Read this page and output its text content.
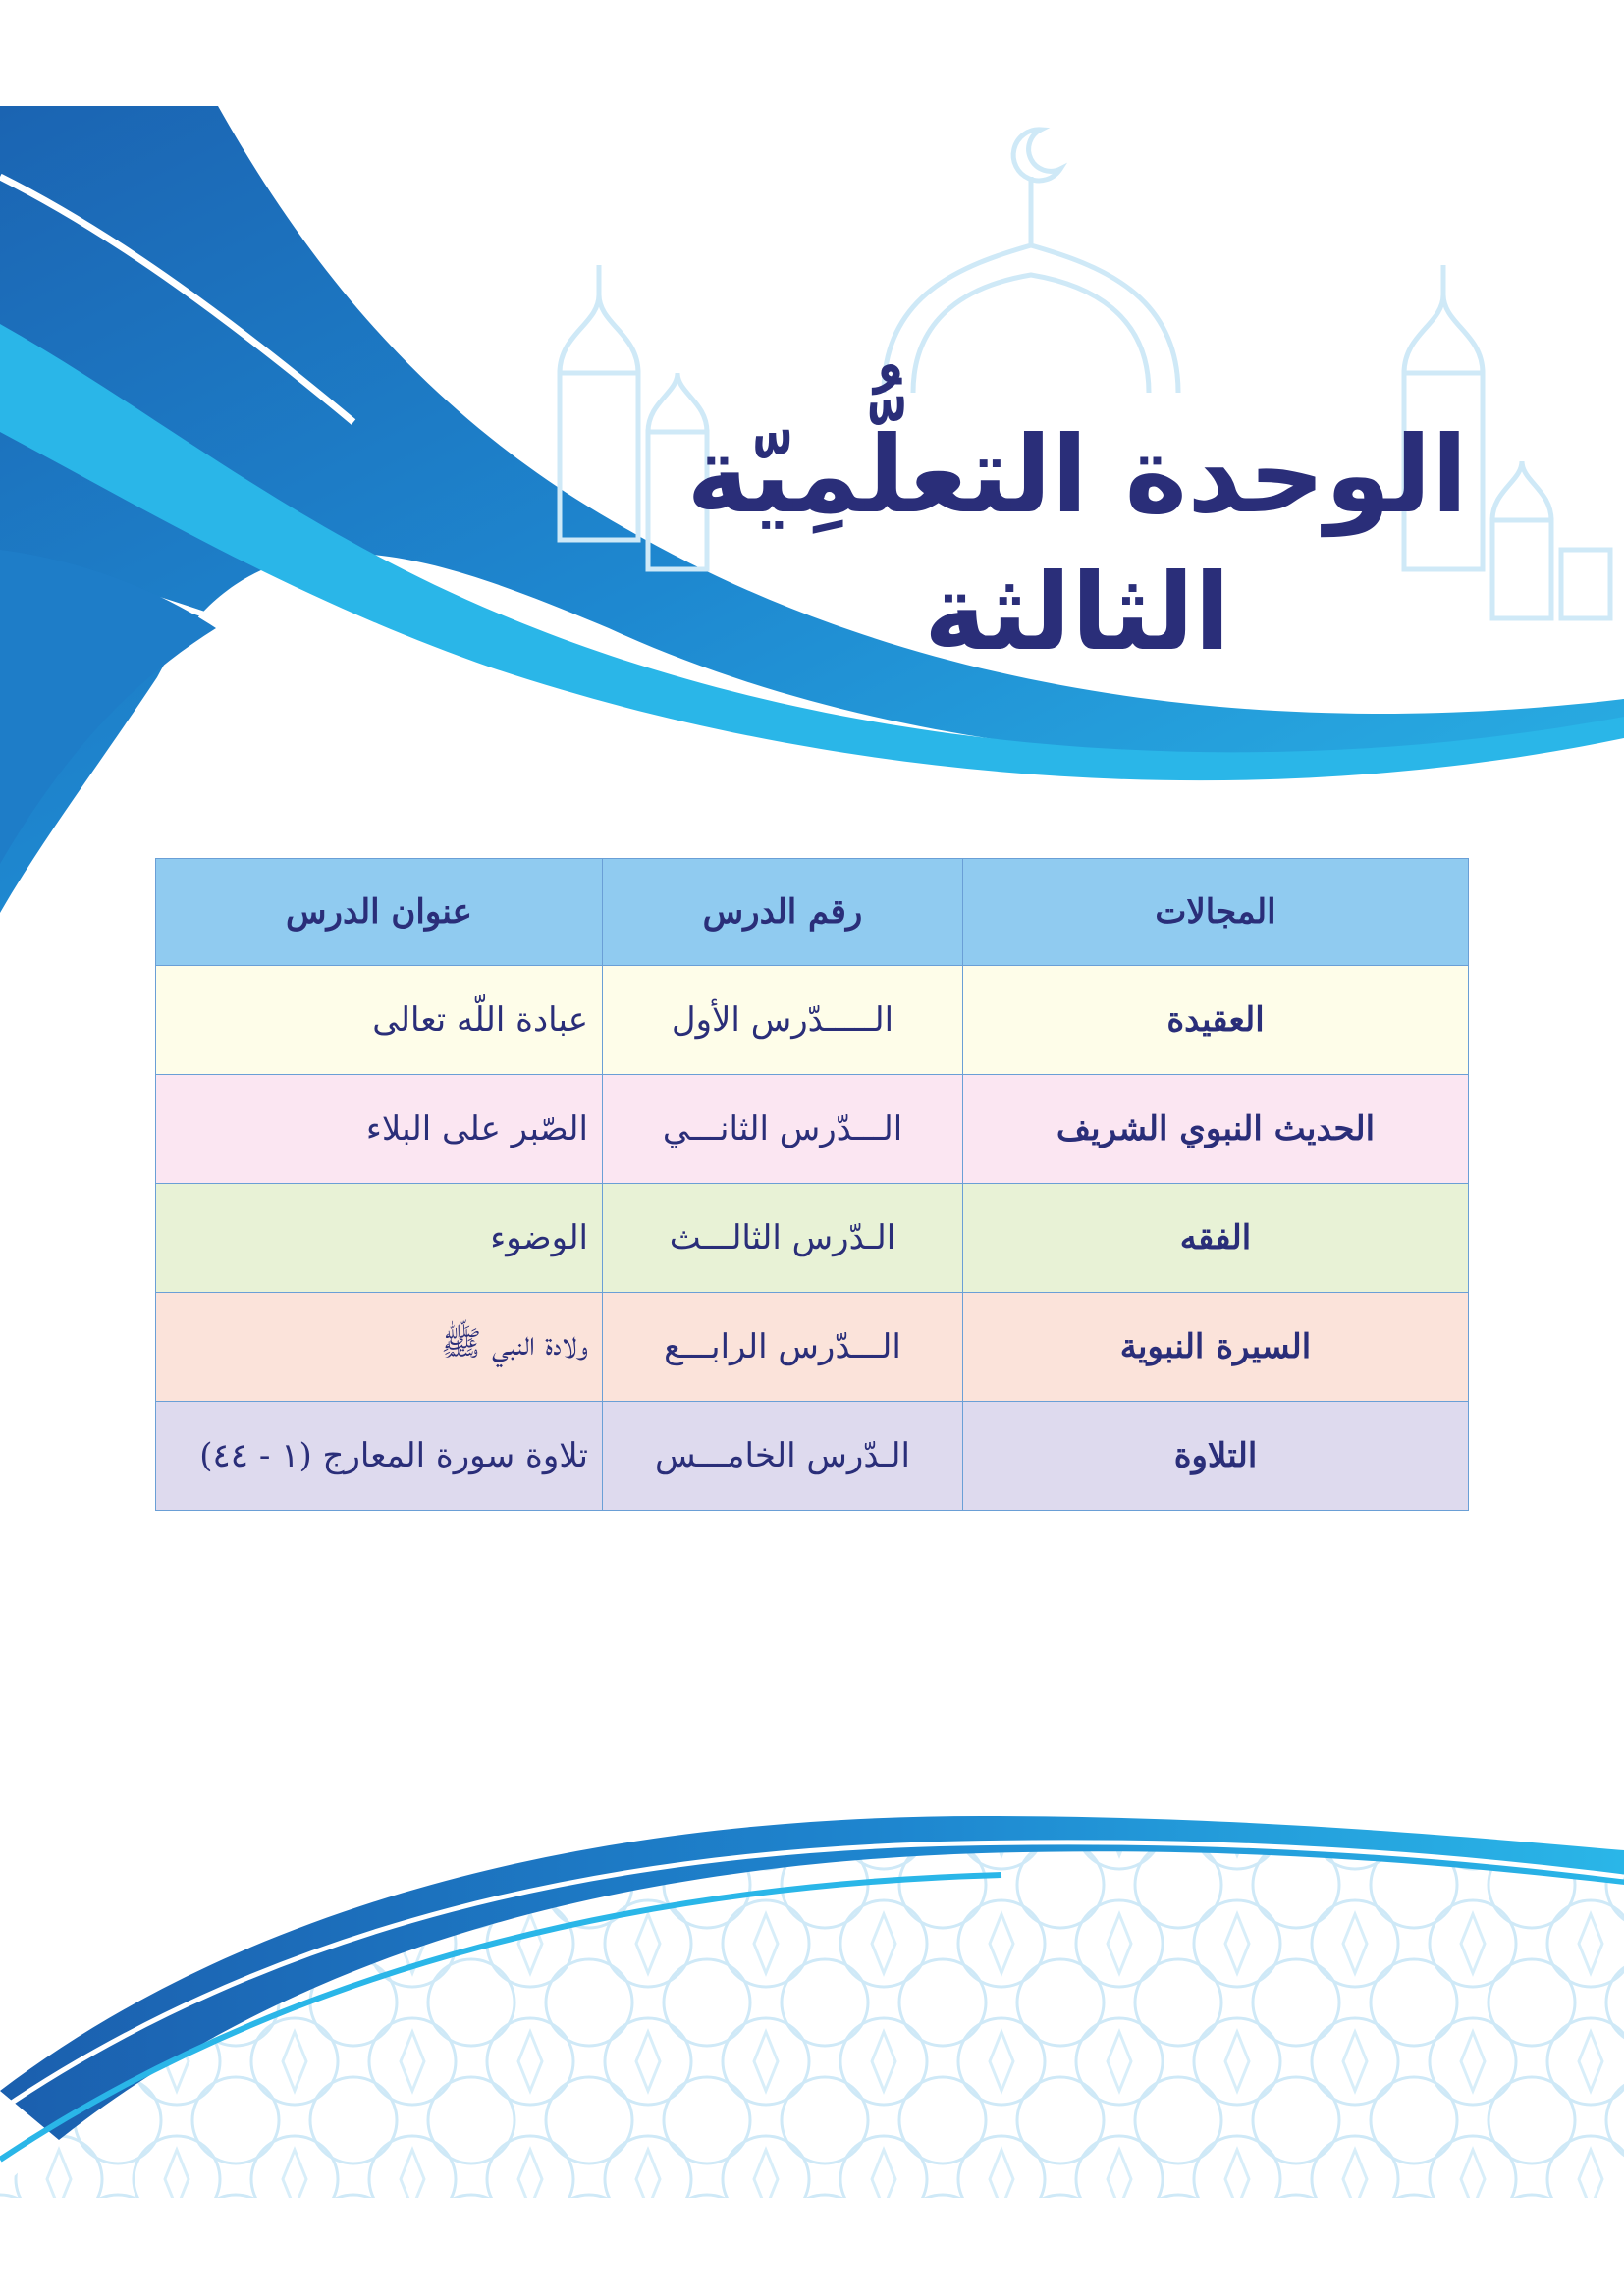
الوحدة التعلُّمِيّة
الثالثة
المجالات	رقم الدرس	عنوان الدرس
العقيدة	الـــــدّرس الأول	عبادة اللّه تعالى
الحديث النبوي الشريف	الـــدّرس الثانـــي	الصّبر على البلاء
الفقه	الـدّرس الثالـــث	الوضوء
السيرة النبوية	الـــدّرس الرابـــع	ولادة النبي ﷺ
التلاوة	الـدّرس الخامـــس	تلاوة سورة المعارج (١ - ٤٤)
